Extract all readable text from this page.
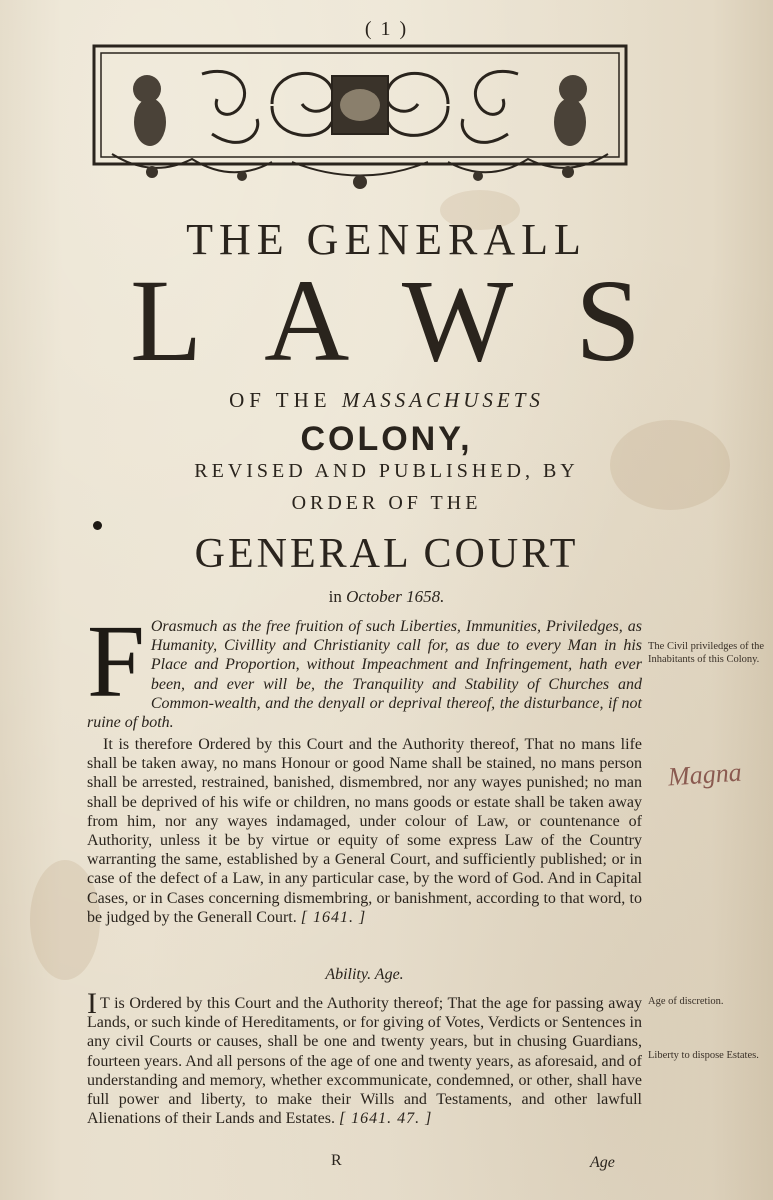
( 1 )
THE GENERALL
LAWS
OF THE MASSACHUSETS
COLONY,
REVISED AND PUBLISHED, BY
ORDER OF THE
GENERAL COURT
in October 1658.
F Orasmuch as the free fruition of such Liberties, Immunities, Priviledges, as Humanity, Civillity and Christianity call for, as due to every Man in his Place and Proportion, without Impeachment and Infringement, hath ever been, and ever will be, the Tranquility and Stability of Churches and Common-wealth, and the denyall or deprival thereof, the disturbance, if not ruine of both.
The Civil priviledges of the Inhabitants of this Colony.
Magna
It is therefore Ordered by this Court and the Authority thereof, That no mans life shall be taken away, no mans Honour or good Name shall be stained, no mans person shall be arrested, restrained, banished, dismembred, nor any wayes punished; no man shall be deprived of his wife or children, no mans goods or estate shall be taken away from him, nor any wayes indamaged, under colour of Law, or countenance of Authority, unless it be by virtue or equity of some express Law of the Country warranting the same, established by a General Court, and sufficiently published; or in case of the defect of a Law, in any particular case, by the word of God. And in Capital Cases, or in Cases concerning dismembring, or banishment, according to that word, to be judged by the Generall Court. [ 1641. ]
Ability. Age.
I T is Ordered by this Court and the Authority thereof; That the age for passing away Lands, or such kinde of Hereditaments, or for giving of Votes, Verdicts or Sentences in any civil Courts or causes, shall be one and twenty years, but in chusing Guardians, fourteen years. And all persons of the age of one and twenty years, as aforesaid, and of understanding and memory, whether excommunicate, condemned, or other, shall have full power and liberty, to make their Wills and Testaments, and other lawfull Alienations of their Lands and Estates. [ 1641. 47. ]
Age of discretion.
Liberty to dispose Estates.
R	Age
